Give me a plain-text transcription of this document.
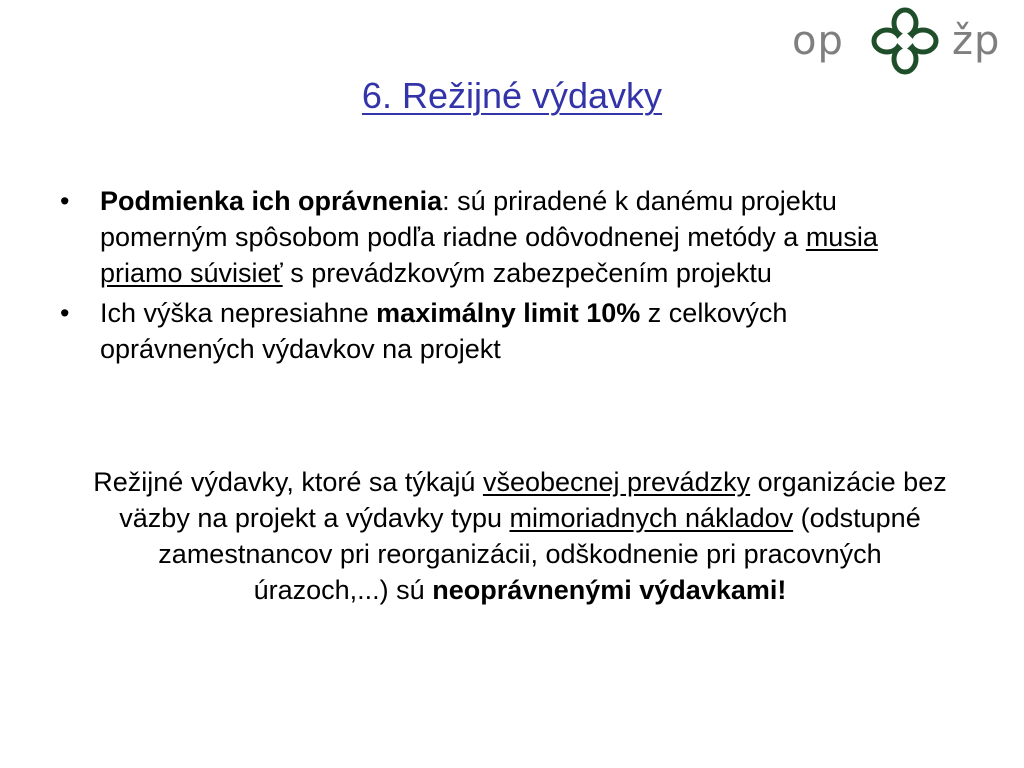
op	žp
6. Režijné výdavky
• Podmienka ich oprávnenia: sú priradené k danému projektu pomerným spôsobom podľa riadne odôvodnenej metódy a musia priamo súvisieť s prevádzkovým zabezpečením projektu
• Ich výška nepresiahne maximálny limit 10% z celkových oprávnených výdavkov na projekt

Režijné výdavky, ktoré sa týkajú všeobecnej prevádzky organizácie bez väzby na projekt a výdavky typu mimoriadnych nákladov (odstupné zamestnancov pri reorganizácii, odškodnenie pri pracovných úrazoch,...) sú neoprávnenými výdavkami!
